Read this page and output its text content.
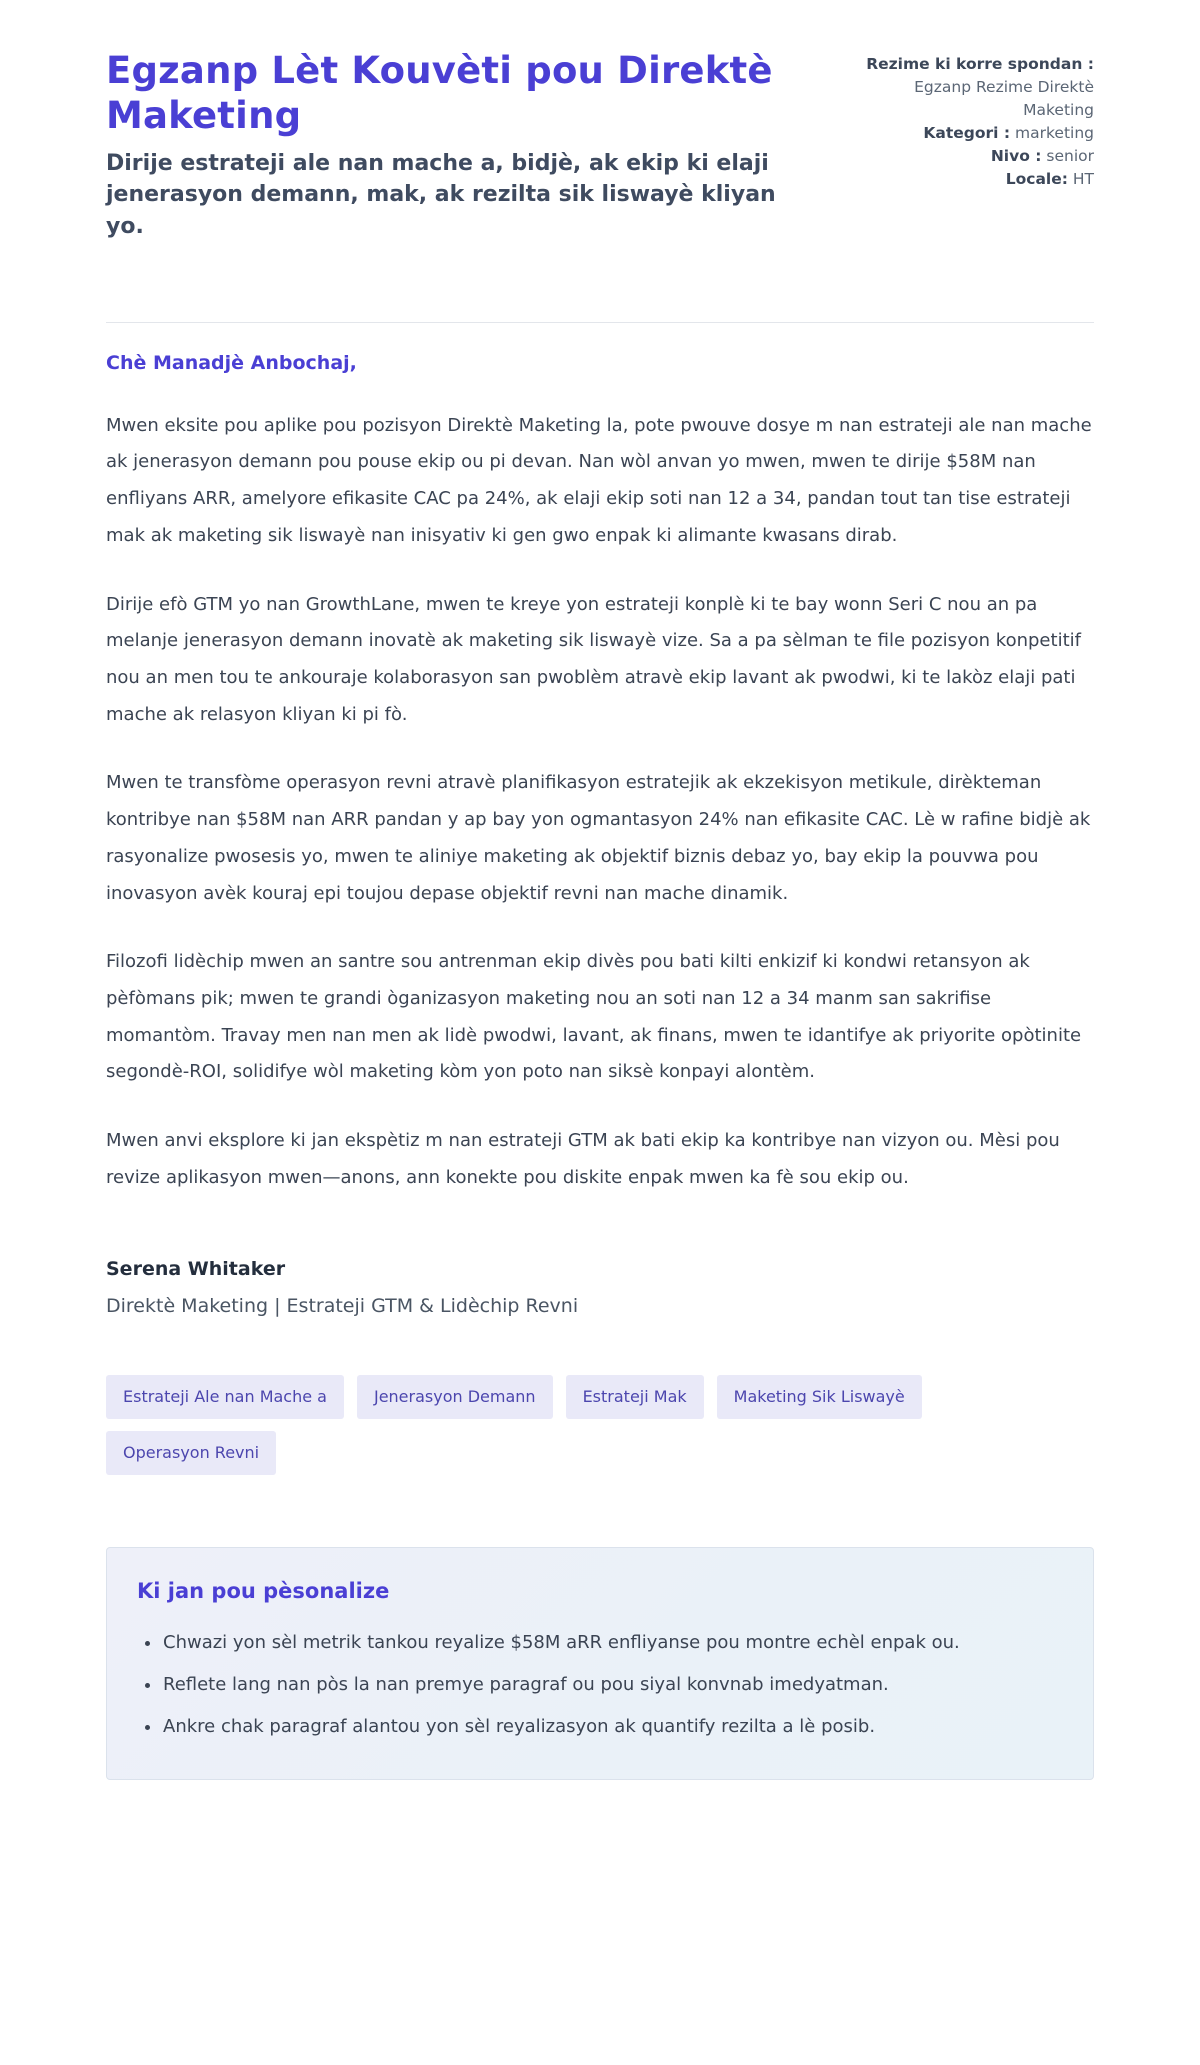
Egzanp Lèt Kouvèti pou Direktè Maketing

Dirije estrateji ale nan mache a, bidjè, ak ekip ki elaji jenerasyon demann, mak, ak rezilta sik liswayè kliyan yo.

Rezime ki korre spondan : Egzanp Rezime Direktè Maketing
Kategori : marketing
Nivo : senior
Locale: HT

Chè Manadjè Anbochaj,

Mwen eksite pou aplike pou pozisyon Direktè Maketing la, pote pwouve dosye m nan estrateji ale nan mache ak jenerasyon demann pou pouse ekip ou pi devan. Nan wòl anvan yo mwen, mwen te dirije $58M nan enfliyans ARR, amelyore efikasite CAC pa 24%, ak elaji ekip soti nan 12 a 34, pandan tout tan tise estrateji mak ak maketing sik liswayè nan inisyativ ki gen gwo enpak ki alimante kwasans dirab.

Dirije efò GTM yo nan GrowthLane, mwen te kreye yon estrateji konplè ki te bay wonn Seri C nou an pa melanje jenerasyon demann inovatè ak maketing sik liswayè vize. Sa a pa sèlman te file pozisyon konpetitif nou an men tou te ankouraje kolaborasyon san pwoblèm atravè ekip lavant ak pwodwi, ki te lakòz elaji pati mache ak relasyon kliyan ki pi fò.

Mwen te transfòme operasyon revni atravè planifikasyon estratejik ak ekzekisyon metikule, dirèkteman kontribye nan $58M nan ARR pandan y ap bay yon ogmantasyon 24% nan efikasite CAC. Lè w rafine bidjè ak rasyonalize pwosesis yo, mwen te aliniye maketing ak objektif biznis debaz yo, bay ekip la pouvwa pou inovasyon avèk kouraj epi toujou depase objektif revni nan mache dinamik.

Filozofi lidèchip mwen an santre sou antrenman ekip divès pou bati kilti enkizif ki kondwi retansyon ak pèfòmans pik; mwen te grandi òganizasyon maketing nou an soti nan 12 a 34 manm san sakrifise momantòm. Travay men nan men ak lidè pwodwi, lavant, ak finans, mwen te idantifye ak priyorite opòtinite segondè-ROI, solidifye wòl maketing kòm yon poto nan siksè konpayi alontèm.

Mwen anvi eksplore ki jan ekspètiz m nan estrateji GTM ak bati ekip ka kontribye nan vizyon ou. Mèsi pou revize aplikasyon mwen—anons, ann konekte pou diskite enpak mwen ka fè sou ekip ou.

Serena Whitaker
Direktè Maketing | Estrateji GTM & Lidèchip Revni
Estrateji Ale nan Mache a	Jenerasyon Demann	Estrateji Mak	Maketing Sik Liswayè
Operasyon Revni
Ki jan pou pèsonalize
• Chwazi yon sèl metrik tankou reyalize $58M aRR enfliyanse pou montre echèl enpak ou.
• Reflete lang nan pòs la nan premye paragraf ou pou siyal konvnab imedyatman.
• Ankre chak paragraf alantou yon sèl reyalizasyon ak quantify rezilta a lè posib.
